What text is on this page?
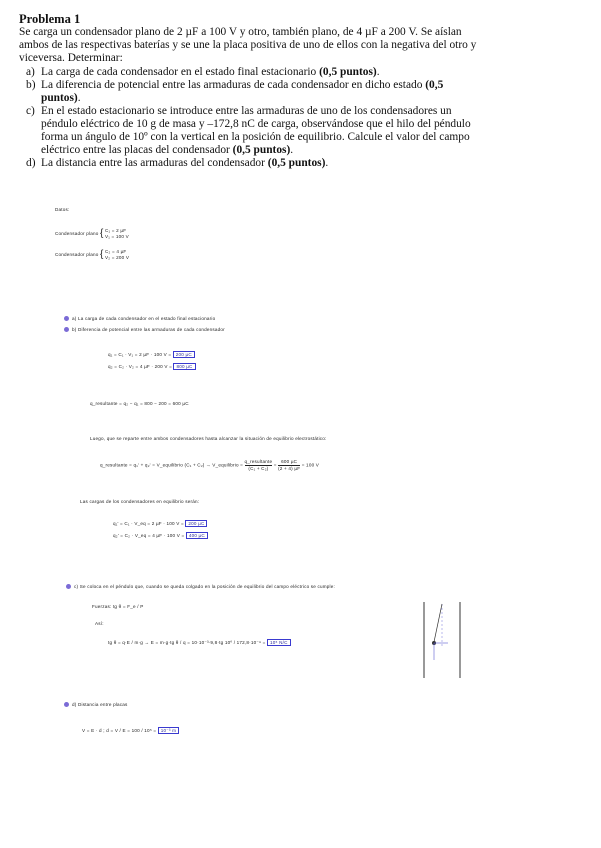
Problema 1
Se carga un condensador plano de 2 µF a 100 V y otro, también plano, de 4 µF a 200 V. Se aíslan ambos de las respectivas baterías y se une la placa positiva de uno de ellos con la negativa del otro y viceversa. Determinar:
a) La carga de cada condensador en el estado final estacionario (0,5 puntos).
b) La diferencia de potencial entre las armaduras de cada condensador en dicho estado (0,5 puntos).
c) En el estado estacionario se introduce entre las armaduras de uno de los condensadores un péndulo eléctrico de 10 g de masa y –172,8 nC de carga, observándose que el hilo del péndulo forma un ángulo de 10º con la vertical en la posición de equilibrio. Calcule el valor del campo eléctrico entre las placas del condensador (0,5 puntos).
d) La distancia entre las armaduras del condensador (0,5 puntos).
Datos:
Condensador plano { C₁ = 2 µF
V₁ = 100 V
Condensador plano { C₂ = 4 µF
V₂ = 200 V
a) La carga de cada condensador en el estado final estacionario
b) Diferencia de potencial entre las armaduras de cada condensador
q₁ = C₁ · V₁ = 2 µF · 100 V = 200 µC
q₂ = C₂ · V₂ = 4 µF · 200 V = 800 µC
q_resultante = q₂ − q₁ = 800 − 200 = 600 µC
Luego, que se reparte entre ambos condensadores hasta alcanzar la situación de equilibrio electrostático:
q_resultante = q₁' + q₂' = V_equilibrio (C₁ + C₂) → V_equilibrio =
q_resultante
(C₁ + C₂) =
600 µC
(2 + 4) µF = 100 V
Las cargas de los condensadores en equilibrio serán:
q₁' = C₁ · V_eq = 2 µF · 100 V = 200 µC
q₂' = C₂ · V_eq = 4 µF · 100 V = 400 µC
c) Se coloca en el péndulo que, cuando se queda colgado en la posición de equilibrio del campo eléctrico se cumple:
Fuerzas: tg θ = F_e / P
Así:
tg θ = q·E / m·g → E = m·g·tg θ / q = 10·10⁻³·9,8·tg 10º / 172,8·10⁻⁹ = 10⁵ N/C
d) Distancia entre placas
V = E · d ; d = V / E = 100 / 10⁵ = 10⁻³ m
